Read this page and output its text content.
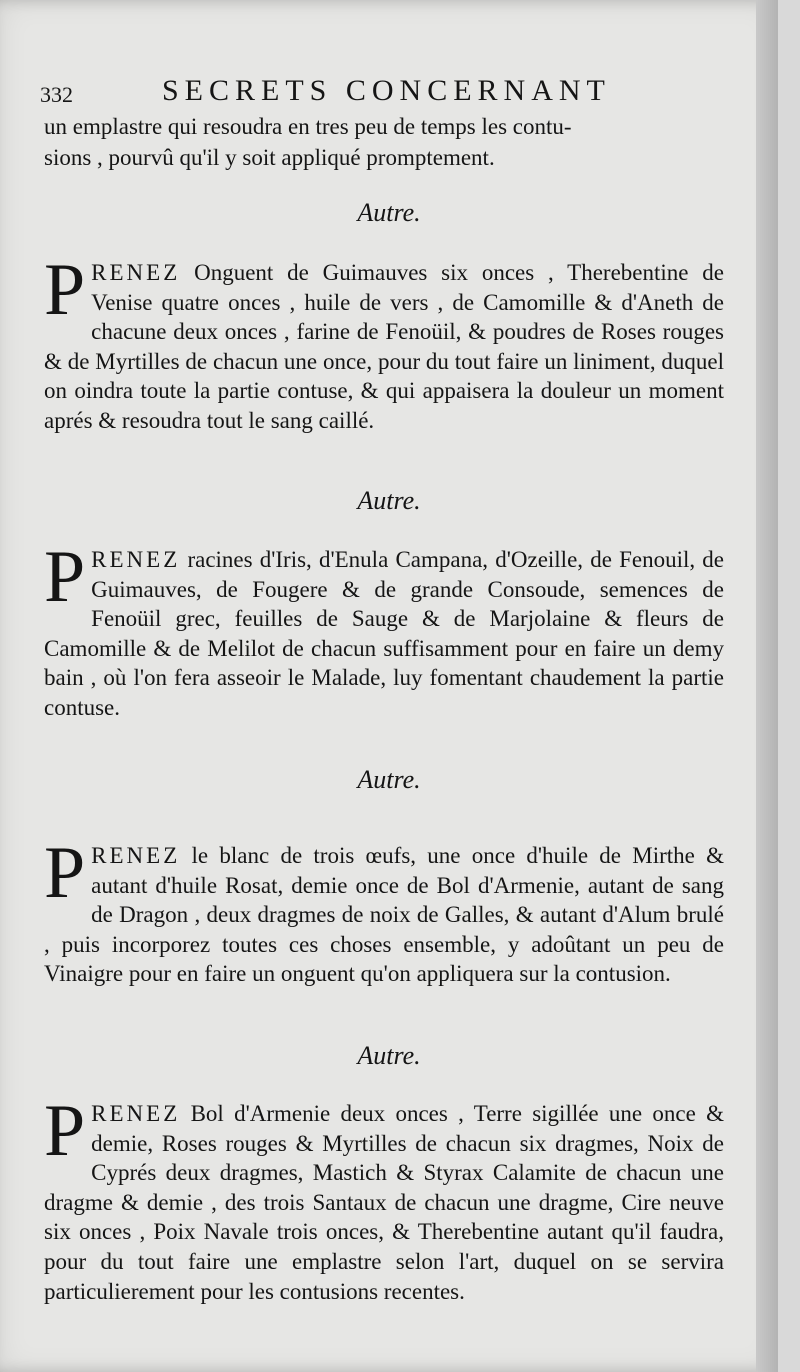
332	SECRETS CONCERNANT
un emplastre qui resoudra en tres peu de temps les contu-
sions , pourvû qu'il y soit appliqué promptement.
Autre.
P RENEZ Onguent de Guimauves six onces , Therebentine de Venise quatre onces , huile de vers , de Camomille & d'Aneth de chacune deux onces , farine de Fenoüil, & poudres de Roses rouges & de Myrtilles de chacun une once, pour du tout faire un liniment, duquel on oindra toute la partie contuse, & qui appaisera la douleur un moment aprés & resoudra tout le sang caillé.

Autre.
P RENEZ racines d'Iris, d'Enula Campana, d'Ozeille, de Fenouil, de Guimauves, de Fougere & de grande Consoude, semences de Fenoüil grec, feuilles de Sauge & de Marjolaine & fleurs de Camomille & de Melilot de chacun suffisamment pour en faire un demy bain , où l'on fera asseoir le Malade, luy fomentant chaudement la partie contuse.

Autre.
P RENEZ le blanc de trois œufs, une once d'huile de Mirthe & autant d'huile Rosat, demie once de Bol d'Armenie, autant de sang de Dragon , deux dragmes de noix de Galles, & autant d'Alum brulé , puis incorporez toutes ces choses ensemble, y adoûtant un peu de Vinaigre pour en faire un onguent qu'on appliquera sur la contusion.

Autre.
P RENEZ Bol d'Armenie deux onces , Terre sigillée une once & demie, Roses rouges & Myrtilles de chacun six dragmes, Noix de Cyprés deux dragmes, Mastich & Styrax Calamite de chacun une dragme & demie , des trois Santaux de chacun une dragme, Cire neuve six onces , Poix Navale trois onces, & Therebentine autant qu'il faudra, pour du tout faire une emplastre selon l'art, duquel on se servira particulierement pour les contusions recentes.
